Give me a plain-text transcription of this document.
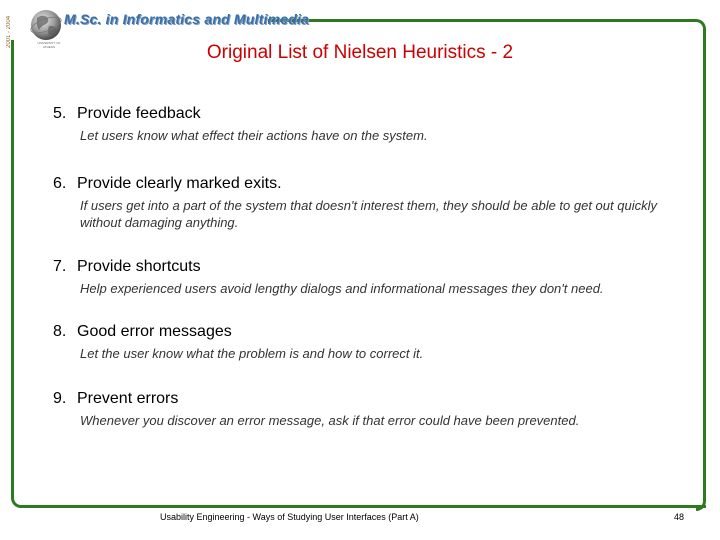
2001 - 2004	UNIVERSITY OF ATHENS
M.Sc. in Informatics and Multimedia
Original List of Nielsen Heuristics - 2
5. Provide feedback
Let users know what effect their actions have on the system.
6. Provide clearly marked exits.
If users get into a part of the system that doesn't interest them, they should be able to get out quickly without damaging anything.
7. Provide shortcuts
Help experienced users avoid lengthy dialogs and informational messages they don't need.
8. Good error messages
Let the user know what the problem is and how to correct it.
9. Prevent errors
Whenever you discover an error message, ask if that error could have been prevented.
Usability Engineering - Ways of Studying User Interfaces (Part A)	48
